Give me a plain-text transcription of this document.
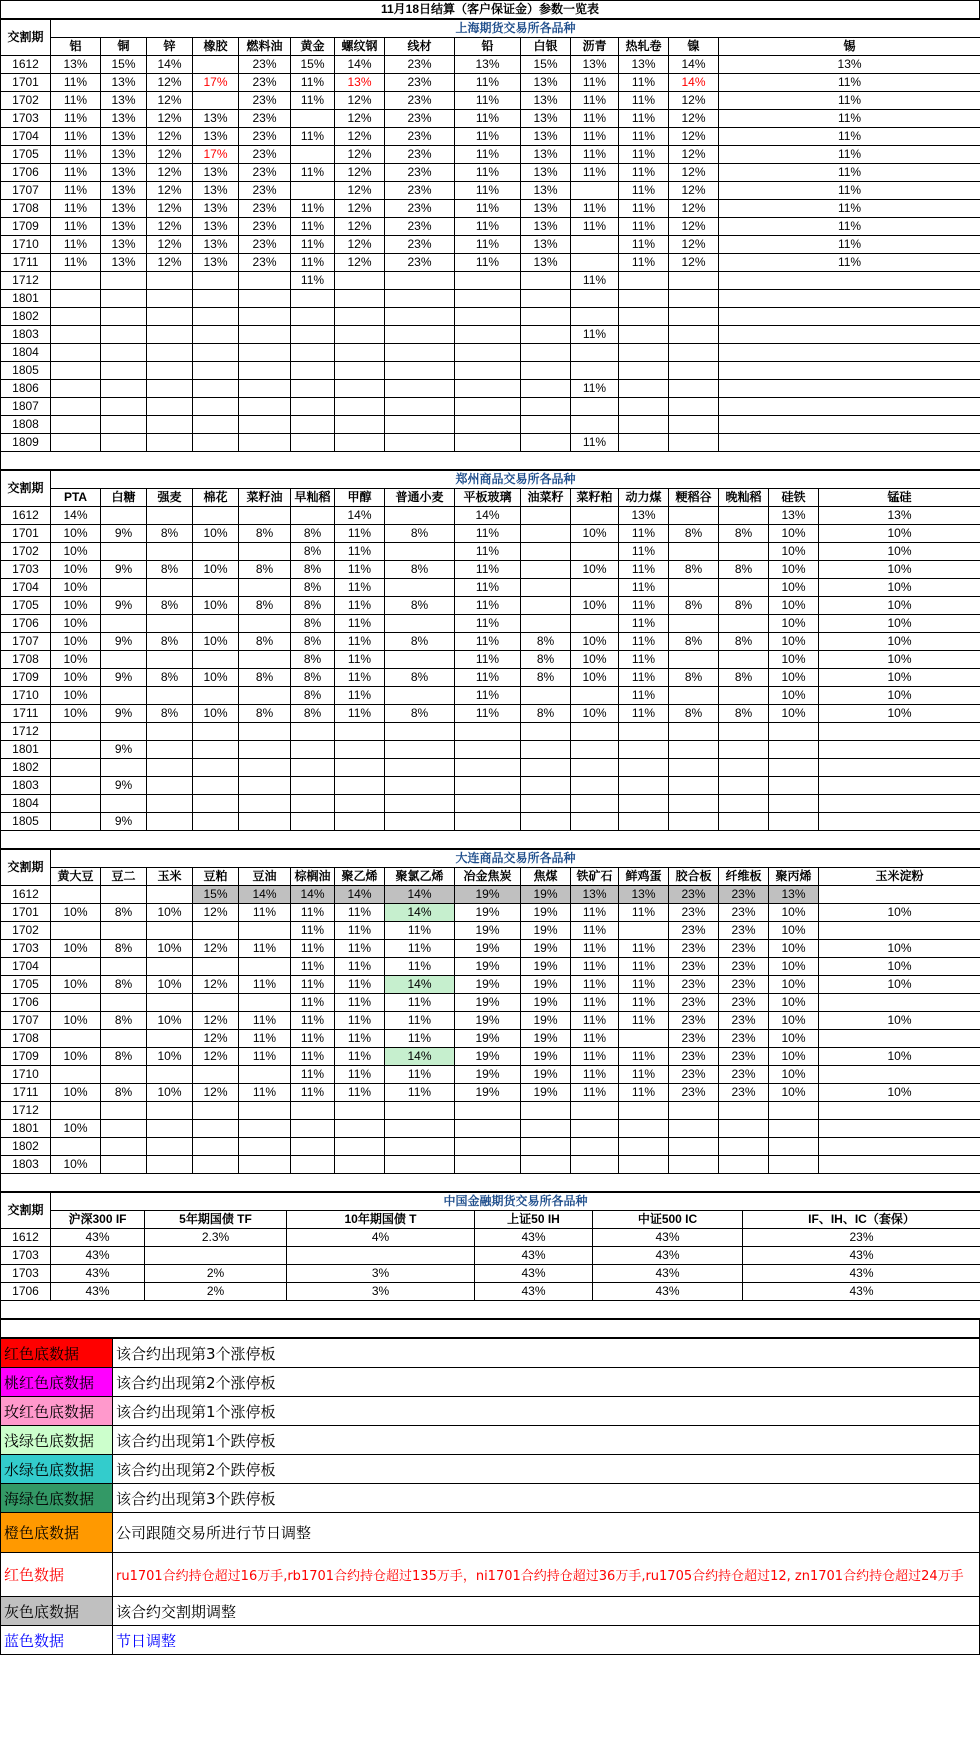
11月18日结算（客户保证金）参数一览表
交割期	上海期货交易所各品种													
	铝	铜	锌	橡胶	燃料油	黄金	螺纹钢	线材	铅	白银	沥青	热轧卷	镍	锡
1612	13%	15%	14%		23%	15%	14%	23%	13%	15%	13%	13%	14%	13%
1701	11%	13%	12%	17%	23%	11%	13%	23%	11%	13%	11%	11%	14%	11%
1702	11%	13%	12%		23%	11%	12%	23%	11%	13%	11%	11%	12%	11%
1703	11%	13%	12%	13%	23%		12%	23%	11%	13%	11%	11%	12%	11%
1704	11%	13%	12%	13%	23%	11%	12%	23%	11%	13%	11%	11%	12%	11%
1705	11%	13%	12%	17%	23%		12%	23%	11%	13%	11%	11%	12%	11%
1706	11%	13%	12%	13%	23%	11%	12%	23%	11%	13%	11%	11%	12%	11%
1707	11%	13%	12%	13%	23%		12%	23%	11%	13%		11%	12%	11%
1708	11%	13%	12%	13%	23%	11%	12%	23%	11%	13%	11%	11%	12%	11%
1709	11%	13%	12%	13%	23%	11%	12%	23%	11%	13%	11%	11%	12%	11%
1710	11%	13%	12%	13%	23%	11%	12%	23%	11%	13%		11%	12%	11%
1711	11%	13%	12%	13%	23%	11%	12%	23%	11%	13%		11%	12%	11%
1712						11%					11%			
1801														
1802														
1803											11%			
1804														
1805														
1806											11%			
1807														
1808														
1809											11%			

交割期	郑州商品交易所各品种															
	PTA	白糖	强麦	棉花	菜籽油	早籼稻	甲醇	普通小麦	平板玻璃	油菜籽	菜籽粕	动力煤	粳稻谷	晚籼稻	硅铁	锰硅
1612	14%						14%		14%			13%			13%	13%
1701	10%	9%	8%	10%	8%	8%	11%	8%	11%		10%	11%	8%	8%	10%	10%
1702	10%					8%	11%		11%			11%			10%	10%
1703	10%	9%	8%	10%	8%	8%	11%	8%	11%		10%	11%	8%	8%	10%	10%
1704	10%					8%	11%		11%			11%			10%	10%
1705	10%	9%	8%	10%	8%	8%	11%	8%	11%		10%	11%	8%	8%	10%	10%
1706	10%					8%	11%		11%			11%			10%	10%
1707	10%	9%	8%	10%	8%	8%	11%	8%	11%	8%	10%	11%	8%	8%	10%	10%
1708	10%					8%	11%		11%	8%	10%	11%			10%	10%
1709	10%	9%	8%	10%	8%	8%	11%	8%	11%	8%	10%	11%	8%	8%	10%	10%
1710	10%					8%	11%		11%			11%			10%	10%
1711	10%	9%	8%	10%	8%	8%	11%	8%	11%	8%	10%	11%	8%	8%	10%	10%
1712																
1801		9%														
1802																
1803		9%														
1804																
1805		9%														

交割期	大连商品交易所各品种															
	黄大豆	豆二	玉米	豆粕	豆油	棕榈油	聚乙烯	聚氯乙烯	冶金焦炭	焦煤	铁矿石	鲜鸡蛋	胶合板	纤维板	聚丙烯	玉米淀粉
1612				15%	14%	14%	14%	14%	19%	19%	13%	13%	23%	23%	13%	
1701	10%	8%	10%	12%	11%	11%	11%	14%	19%	19%	11%	11%	23%	23%	10%	10%
1702						11%	11%	11%	19%	19%	11%		23%	23%	10%	
1703	10%	8%	10%	12%	11%	11%	11%	11%	19%	19%	11%	11%	23%	23%	10%	10%
1704						11%	11%	11%	19%	19%	11%	11%	23%	23%	10%	10%
1705	10%	8%	10%	12%	11%	11%	11%	14%	19%	19%	11%	11%	23%	23%	10%	10%
1706						11%	11%	11%	19%	19%	11%	11%	23%	23%	10%	
1707	10%	8%	10%	12%	11%	11%	11%	11%	19%	19%	11%	11%	23%	23%	10%	10%
1708				12%	11%	11%	11%	11%	19%	19%	11%		23%	23%	10%	
1709	10%	8%	10%	12%	11%	11%	11%	14%	19%	19%	11%	11%	23%	23%	10%	10%
1710						11%	11%	11%	19%	19%	11%	11%	23%	23%	10%	
1711	10%	8%	10%	12%	11%	11%	11%	11%	19%	19%	11%	11%	23%	23%	10%	10%
1712																
1801	10%															
1802																
1803	10%															

交割期	中国金融期货交易所各品种					
	沪深300 IF	5年期国债 TF	10年期国债 T	上证50 IH	中证500 IC	IF、IH、IC（套保）
1612	43%	2.3%	4%	43%	43%	23%
1703	43%			43%	43%	43%
1703	43%	2%	3%	43%	43%	43%
1706	43%	2%	3%	43%	43%	43%

红色底数据	该合约出现第3个涨停板
桃红色底数据	该合约出现第2个涨停板
玫红色底数据	该合约出现第1个涨停板
浅绿色底数据	该合约出现第1个跌停板
水绿色底数据	该合约出现第2个跌停板
海绿色底数据	该合约出现第3个跌停板
橙色底数据	公司跟随交易所进行节日调整
红色数据	ru1701合约持仓超过16万手,rb1701合约持仓超过135万手，ni1701合约持仓超过36万手,ru1705合约持仓超过12, zn1701合约持仓超过24万手
灰色底数据	该合约交割期调整
蓝色数据	节日调整
